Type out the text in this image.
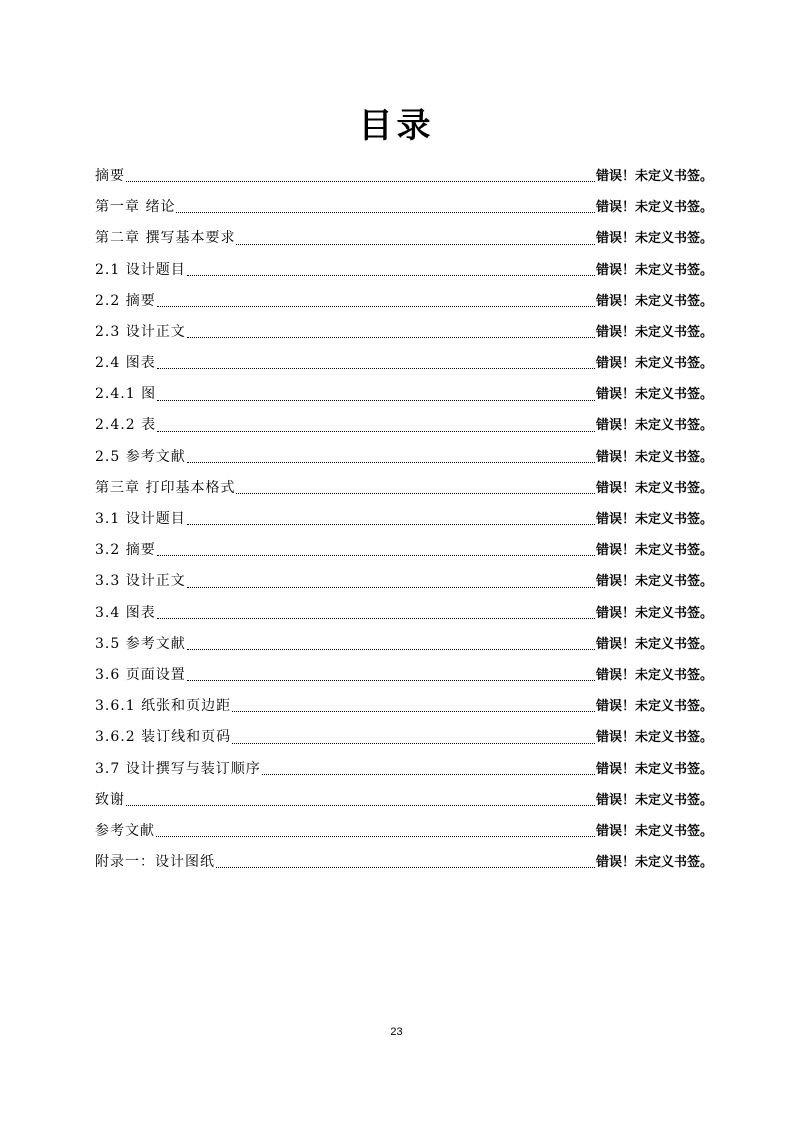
目录
摘要	错误！未定义书签。
第一章 绪论	错误！未定义书签。
第二章 撰写基本要求	错误！未定义书签。
2.1 设计题目	错误！未定义书签。
2.2 摘要	错误！未定义书签。
2.3 设计正文	错误！未定义书签。
2.4 图表	错误！未定义书签。
2.4.1 图	错误！未定义书签。
2.4.2 表	错误！未定义书签。
2.5 参考文献	错误！未定义书签。
第三章 打印基本格式	错误！未定义书签。
3.1 设计题目	错误！未定义书签。
3.2 摘要	错误！未定义书签。
3.3 设计正文	错误！未定义书签。
3.4 图表	错误！未定义书签。
3.5 参考文献	错误！未定义书签。
3.6 页面设置	错误！未定义书签。
3.6.1 纸张和页边距	错误！未定义书签。
3.6.2 装订线和页码	错误！未定义书签。
3.7 设计撰写与装订顺序	错误！未定义书签。
致谢	错误！未定义书签。
参考文献	错误！未定义书签。
附录一：设计图纸	错误！未定义书签。
23
